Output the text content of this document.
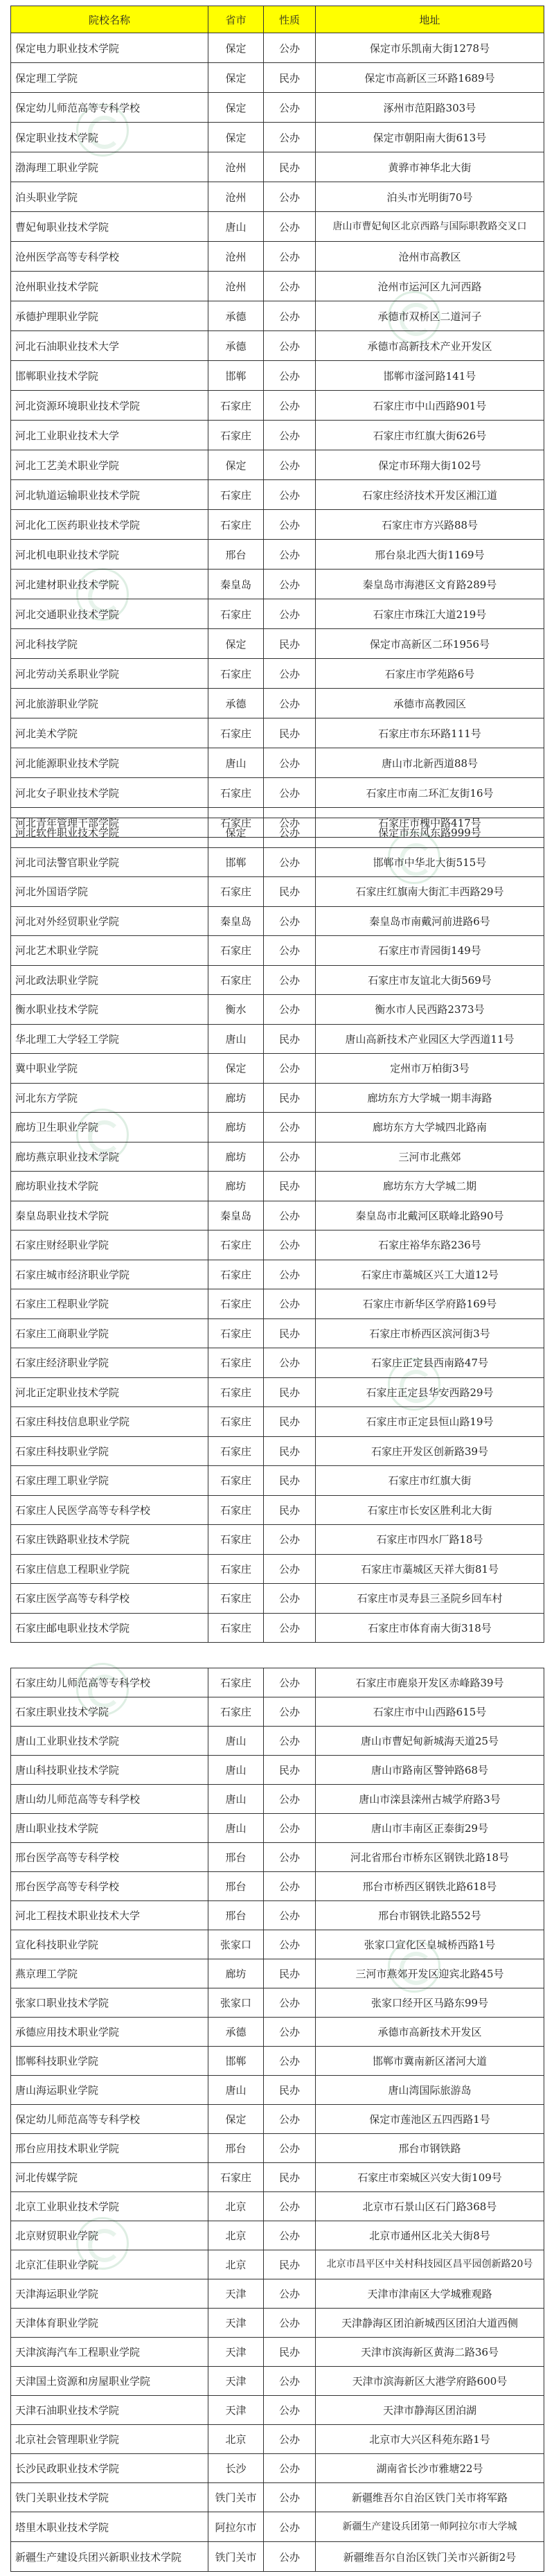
院校名称	省市	性质	地址
保定电力职业技术学院	保定	公办	保定市乐凯南大街1278号
保定理工学院	保定	民办	保定市高新区三环路1689号
保定幼儿师范高等专科学校	保定	公办	涿州市范阳路303号
保定职业技术学院	保定	公办	保定市朝阳南大街613号
渤海理工职业学院	沧州	民办	黄骅市神华北大街
泊头职业学院	沧州	公办	泊头市光明街70号
曹妃甸职业技术学院	唐山	公办	唐山市曹妃甸区北京西路与国际职教路交叉口
沧州医学高等专科学校	沧州	公办	沧州市高教区
沧州职业技术学院	沧州	公办	沧州市运河区九河西路
承德护理职业学院	承德	公办	承德市双桥区二道河子
河北石油职业技术大学	承德	公办	承德市高新技术产业开发区
邯郸职业技术学院	邯郸	公办	邯郸市滏河路141号
河北资源环境职业技术学院	石家庄	公办	石家庄市中山西路901号
河北工业职业技术大学	石家庄	公办	石家庄市红旗大街626号
河北工艺美术职业学院	保定	公办	保定市环翔大街102号
河北轨道运输职业技术学院	石家庄	公办	石家庄经济技术开发区湘江道
河北化工医药职业技术学院	石家庄	公办	石家庄市方兴路88号
河北机电职业技术学院	邢台	公办	邢台泉北西大街1169号
河北建材职业技术学院	秦皇岛	公办	秦皇岛市海港区文育路289号
河北交通职业技术学院	石家庄	公办	石家庄市珠江大道219号
河北科技学院	保定	民办	保定市高新区二环1956号
河北劳动关系职业学院	石家庄	公办	石家庄市学苑路6号
河北旅游职业学院	承德	公办	承德市高教园区
河北美术学院	石家庄	民办	石家庄市东环路111号
河北能源职业技术学院	唐山	公办	唐山市北新西道88号
河北女子职业技术学院	石家庄	公办	石家庄市南二环汇友街16号
河北青年管理干部学院	石家庄	公办	石家庄市槐中路417号
河北软件职业技术学院	保定	公办	保定市东风东路999号
河北司法警官职业学院	邯郸	公办	邯郸市中华北大街515号
河北外国语学院	石家庄	民办	石家庄红旗南大街汇丰西路29号
河北对外经贸职业学院	秦皇岛	公办	秦皇岛市南戴河前进路6号
河北艺术职业学院	石家庄	公办	石家庄市青园街149号
河北政法职业学院	石家庄	公办	石家庄市友谊北大街569号
衡水职业技术学院	衡水	公办	衡水市人民西路2373号
华北理工大学轻工学院	唐山	民办	唐山高新技术产业园区大学西道11号
冀中职业学院	保定	公办	定州市万柏街3号
河北东方学院	廊坊	民办	廊坊东方大学城一期丰海路
廊坊卫生职业学院	廊坊	公办	廊坊东方大学城四北路南
廊坊燕京职业技术学院	廊坊	公办	三河市北燕郊
廊坊职业技术学院	廊坊	民办	廊坊东方大学城二期
秦皇岛职业技术学院	秦皇岛	公办	秦皇岛市北戴河区联峰北路90号
石家庄财经职业学院	石家庄	公办	石家庄裕华东路236号
石家庄城市经济职业学院	石家庄	公办	石家庄市藁城区兴工大道12号
石家庄工程职业学院	石家庄	公办	石家庄市新华区学府路169号
石家庄工商职业学院	石家庄	民办	石家庄市桥西区滨河街3号
石家庄经济职业学院	石家庄	公办	石家庄正定县西南路47号
河北正定职业技术学院	石家庄	民办	石家庄正定县华安西路29号
石家庄科技信息职业学院	石家庄	民办	石家庄市正定县恒山路19号
石家庄科技职业学院	石家庄	民办	石家庄开发区创新路39号
石家庄理工职业学院	石家庄	民办	石家庄市红旗大街
石家庄人民医学高等专科学校	石家庄	民办	石家庄市长安区胜利北大街
石家庄铁路职业技术学院	石家庄	公办	石家庄市四水厂路18号
石家庄信息工程职业学院	石家庄	公办	石家庄市藁城区天祥大街81号
石家庄医学高等专科学校	石家庄	公办	石家庄市灵寿县三圣院乡回车村
石家庄邮电职业技术学院	石家庄	公办	石家庄市体育南大街318号
石家庄幼儿师范高等专科学校	石家庄	公办	石家庄市鹿泉开发区赤峰路39号
石家庄职业技术学院	石家庄	公办	石家庄市中山西路615号
唐山工业职业技术学院	唐山	公办	唐山市曹妃甸新城海天道25号
唐山科技职业技术学院	唐山	民办	唐山市路南区警钟路68号
唐山幼儿师范高等专科学校	唐山	公办	唐山市滦县滦州古城学府路3号
唐山职业技术学院	唐山	公办	唐山市丰南区正泰街29号
邢台医学高等专科学校	邢台	公办	河北省邢台市桥东区钢铁北路18号
邢台医学高等专科学校	邢台	公办	邢台市桥西区钢铁北路618号
河北工程技术职业技术大学	邢台	公办	邢台市钢铁北路552号
宣化科技职业学院	张家口	公办	张家口宣化区皇城桥西路1号
燕京理工学院	廊坊	民办	三河市燕郊开发区迎宾北路45号
张家口职业技术学院	张家口	公办	张家口经开区马路东99号
承德应用技术职业学院	承德	公办	承德市高新技术开发区
邯郸科技职业学院	邯郸	公办	邯郸市冀南新区渚河大道
唐山海运职业学院	唐山	民办	唐山湾国际旅游岛
保定幼儿师范高等专科学校	保定	公办	保定市莲池区五四西路1号
邢台应用技术职业学院	邢台	公办	邢台市钢铁路
河北传媒学院	石家庄	民办	石家庄市栾城区兴安大街109号
北京工业职业技术学院	北京	公办	北京市石景山区石门路368号
北京财贸职业学院	北京	公办	北京市通州区北关大街8号
北京汇佳职业学院	北京	民办	北京市昌平区中关村科技园区昌平园创新路20号
天津海运职业学院	天津	公办	天津市津南区大学城雅观路
天津体育职业学院	天津	公办	天津静海区团泊新城西区团泊大道西侧
天津滨海汽车工程职业学院	天津	民办	天津市滨海新区黄海二路36号
天津国土资源和房屋职业学院	天津	公办	天津市滨海新区大港学府路600号
天津石油职业技术学院	天津	公办	天津市静海区团泊湖
北京社会管理职业学院	北京	公办	北京市大兴区科苑东路1号
长沙民政职业技术学院	长沙	公办	湖南省长沙市雅塘22号
铁门关职业技术学院	铁门关市	公办	新疆维吾尔自治区铁门关市将军路
塔里木职业技术学院	阿拉尔市	公办	新疆生产建设兵团第一师阿拉尔市大学城
新疆生产建设兵团兴新职业技术学院	铁门关市	公办	新疆维吾尔自治区铁门关市兴新街2号
